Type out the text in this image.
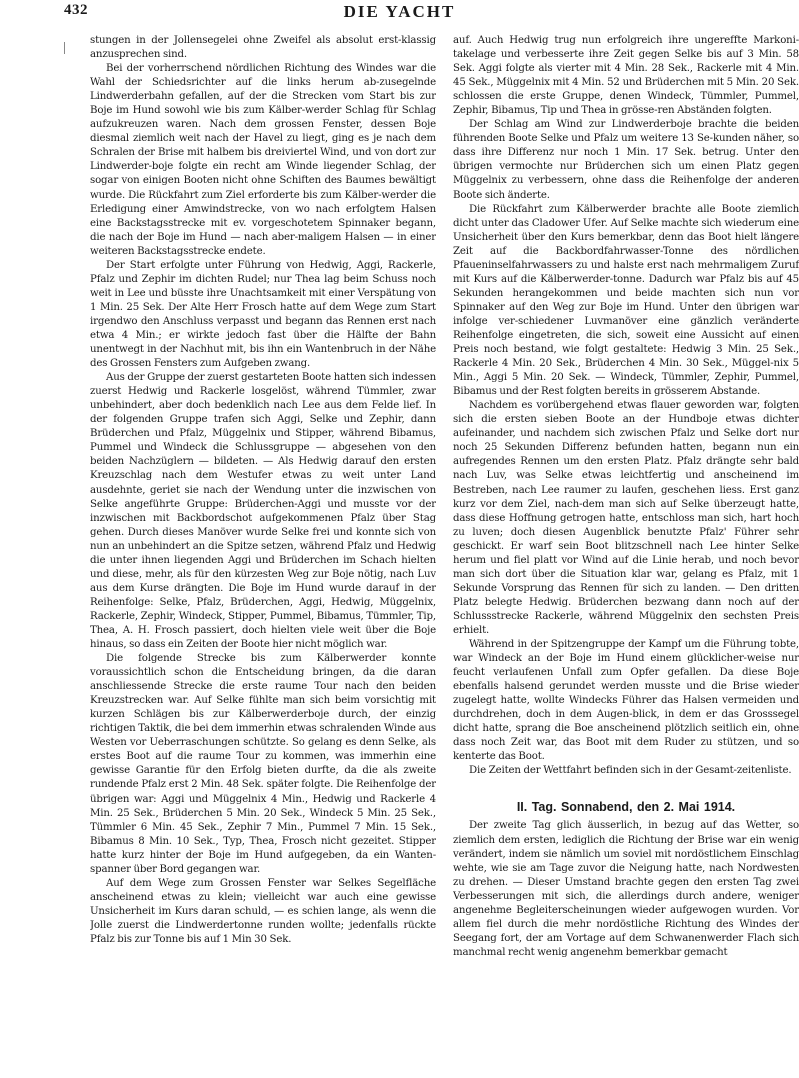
432	DIE YACHT

stungen in der Jollensegelei ohne Zweifel als absolut erst-klassig anzusprechen sind.

Bei der vorherrschend nördlichen Richtung des Windes war die Wahl der Schiedsrichter auf die links herum ab-zusegelnde Lindwerderbahn gefallen, auf der die Strecken vom Start bis zur Boje im Hund sowohl wie bis zum Kälber-werder Schlag für Schlag aufzukreuzen waren. Nach dem grossen Fenster, dessen Boje diesmal ziemlich weit nach der Havel zu liegt, ging es je nach dem Schralen der Brise mit halbem bis dreiviertel Wind, und von dort zur Lindwerder-boje folgte ein recht am Winde liegender Schlag, der sogar von einigen Booten nicht ohne Schiften des Baumes bewältigt wurde. Die Rückfahrt zum Ziel erforderte bis zum Kälber-werder die Erledigung einer Amwindstrecke, von wo nach erfolgtem Halsen eine Backstagsstrecke mit ev. vorgeschotetem Spinnaker begann, die nach der Boje im Hund — nach aber-maligem Halsen — in einer weiteren Backstagsstrecke endete.

Der Start erfolgte unter Führung von Hedwig, Aggi, Rackerle, Pfalz und Zephir im dichten Rudel; nur Thea lag beim Schuss noch weit in Lee und büsste ihre Unachtsamkeit mit einer Verspätung von 1 Min. 25 Sek. Der Alte Herr Frosch hatte auf dem Wege zum Start irgendwo den Anschluss verpasst und begann das Rennen erst nach etwa 4 Min.; er wirkte jedoch fast über die Hälfte der Bahn unentwegt in der Nachhut mit, bis ihn ein Wantenbruch in der Nähe des Grossen Fensters zum Aufgeben zwang.

Aus der Gruppe der zuerst gestarteten Boote hatten sich indessen zuerst Hedwig und Rackerle losgelöst, während Tümmler, zwar unbehindert, aber doch bedenklich nach Lee aus dem Felde lief. In der folgenden Gruppe trafen sich Aggi, Selke und Zephir, dann Brüderchen und Pfalz, Müggelnix und Stipper, während Bibamus, Pummel und Windeck die Schlussgruppe — abgesehen von den beiden Nachzüglern — bildeten. — Als Hedwig darauf den ersten Kreuzschlag nach dem Westufer etwas zu weit unter Land ausdehnte, geriet sie nach der Wendung unter die inzwischen von Selke angeführte Gruppe: Brüderchen-Aggi und musste vor der inzwischen mit Backbordschot aufgekommenen Pfalz über Stag gehen. Durch dieses Manöver wurde Selke frei und konnte sich von nun an unbehindert an die Spitze setzen, während Pfalz und Hedwig die unter ihnen liegenden Aggi und Brüderchen im Schach hielten und diese, mehr, als für den kürzesten Weg zur Boje nötig, nach Luv aus dem Kurse drängten. Die Boje im Hund wurde darauf in der Reihenfolge: Selke, Pfalz, Brüderchen, Aggi, Hedwig, Müggelnix, Rackerle, Zephir, Windeck, Stipper, Pummel, Bibamus, Tümmler, Tip, Thea, A. H. Frosch passiert, doch hielten viele weit über die Boje hinaus, so dass ein Zeiten der Boote hier nicht möglich war.

Die folgende Strecke bis zum Kälberwerder konnte voraussichtlich schon die Entscheidung bringen, da die daran anschliessende Strecke die erste raume Tour nach den beiden Kreuzstrecken war. Auf Selke fühlte man sich beim vorsichtig mit kurzen Schlägen bis zur Kälberwerderboje durch, der einzig richtigen Taktik, die bei dem immerhin etwas schralenden Winde aus Westen vor Ueberraschungen schützte. So gelang es denn Selke, als erstes Boot auf die raume Tour zu kommen, was immerhin eine gewisse Garantie für den Erfolg bieten durfte, da die als zweite rundende Pfalz erst 2 Min. 48 Sek. später folgte. Die Reihenfolge der übrigen war: Aggi und Müggelnix 4 Min., Hedwig und Rackerle 4 Min. 25 Sek., Brüderchen 5 Min. 20 Sek., Windeck 5 Min. 25 Sek., Tümmler 6 Min. 45 Sek., Zephir 7 Min., Pummel 7 Min. 15 Sek., Bibamus 8 Min. 10 Sek., Typ, Thea, Frosch nicht gezeitet. Stipper hatte kurz hinter der Boje im Hund aufgegeben, da ein Wanten-spanner über Bord gegangen war.

Auf dem Wege zum Grossen Fenster war Selkes Segelfläche anscheinend etwas zu klein; vielleicht war auch eine gewisse Unsicherheit im Kurs daran schuld, — es schien lange, als wenn die Jolle zuerst die Lindwerdertonne runden wollte; jedenfalls rückte Pfalz bis zur Tonne bis auf 1 Min 30 Sek.

auf. Auch Hedwig trug nun erfolgreich ihre ungereffte Markoni-takelage und verbesserte ihre Zeit gegen Selke bis auf 3 Min. 58 Sek. Aggi folgte als vierter mit 4 Min. 28 Sek., Rackerle mit 4 Min. 45 Sek., Müggelnix mit 4 Min. 52 und Brüderchen mit 5 Min. 20 Sek. schlossen die erste Gruppe, denen Windeck, Tümmler, Pummel, Zephir, Bibamus, Tip und Thea in grösse-ren Abständen folgten.

Der Schlag am Wind zur Lindwerderboje brachte die beiden führenden Boote Selke und Pfalz um weitere 13 Se-kunden näher, so dass ihre Differenz nur noch 1 Min. 17 Sek. betrug. Unter den übrigen vermochte nur Brüderchen sich um einen Platz gegen Müggelnix zu verbessern, ohne dass die Reihenfolge der anderen Boote sich änderte.

Die Rückfahrt zum Kälberwerder brachte alle Boote ziemlich dicht unter das Cladower Ufer. Auf Selke machte sich wiederum eine Unsicherheit über den Kurs bemerkbar, denn das Boot hielt längere Zeit auf die Backbordfahrwasser-Tonne des nördlichen Pfaueninselfahrwassers zu und halste erst nach mehrmaligem Zuruf mit Kurs auf die Kälberwerder-tonne. Dadurch war Pfalz bis auf 45 Sekunden herangekommen und beide machten sich nun vor Spinnaker auf den Weg zur Boje im Hund. Unter den übrigen war infolge ver-schiedener Luvmanöver eine gänzlich veränderte Reihenfolge eingetreten, die sich, soweit eine Aussicht auf einen Preis noch bestand, wie folgt gestaltete: Hedwig 3 Min. 25 Sek., Rackerle 4 Min. 20 Sek., Brüderchen 4 Min. 30 Sek., Müggel-nix 5 Min., Aggi 5 Min. 20 Sek. — Windeck, Tümmler, Zephir, Pummel, Bibamus und der Rest folgten bereits in grösserem Abstande.

Nachdem es vorübergehend etwas flauer geworden war, folgten sich die ersten sieben Boote an der Hundboje etwas dichter aufeinander, und nachdem sich zwischen Pfalz und Selke dort nur noch 25 Sekunden Differenz befunden hatten, begann nun ein aufregendes Rennen um den ersten Platz. Pfalz drängte sehr bald nach Luv, was Selke etwas leichtfertig und anscheinend im Bestreben, nach Lee raumer zu laufen, geschehen liess. Erst ganz kurz vor dem Ziel, nach-dem man sich auf Selke überzeugt hatte, dass diese Hoffnung getrogen hatte, entschloss man sich, hart hoch zu luven; doch diesen Augenblick benutzte Pfalz' Führer sehr geschickt. Er warf sein Boot blitzschnell nach Lee hinter Selke herum und fiel platt vor Wind auf die Linie herab, und noch bevor man sich dort über die Situation klar war, gelang es Pfalz, mit 1 Sekunde Vorsprung das Rennen für sich zu landen. — Den dritten Platz belegte Hedwig. Brüderchen bezwang dann noch auf der Schlussstrecke Rackerle, während Müggelnix den sechsten Preis erhielt.

Während in der Spitzengruppe der Kampf um die Führung tobte, war Windeck an der Boje im Hund einem glücklicher-weise nur feucht verlaufenen Unfall zum Opfer gefallen. Da diese Boje ebenfalls halsend gerundet werden musste und die Brise wieder zugelegt hatte, wollte Windecks Führer das Halsen vermeiden und durchdrehen, doch in dem Augen-blick, in dem er das Grosssegel dicht hatte, sprang die Boe anscheinend plötzlich seitlich ein, ohne dass noch Zeit war, das Boot mit dem Ruder zu stützen, und so kenterte das Boot.

Die Zeiten der Wettfahrt befinden sich in der Gesamt-zeitenliste.

II. Tag. Sonnabend, den 2. Mai 1914.

Der zweite Tag glich äusserlich, in bezug auf das Wetter, so ziemlich dem ersten, lediglich die Richtung der Brise war ein wenig verändert, indem sie nämlich um soviel mit nordöstlichem Einschlag wehte, wie sie am Tage zuvor die Neigung hatte, nach Nordwesten zu drehen. — Dieser Umstand brachte gegen den ersten Tag zwei Verbesserungen mit sich, die allerdings durch andere, weniger angenehme Begleiterscheinungen wieder aufgewogen wurden. Vor allem fiel durch die mehr nordöstliche Richtung des Windes der Seegang fort, der am Vortage auf dem Schwanenwerder Flach sich manchmal recht wenig angenehm bemerkbar gemacht
